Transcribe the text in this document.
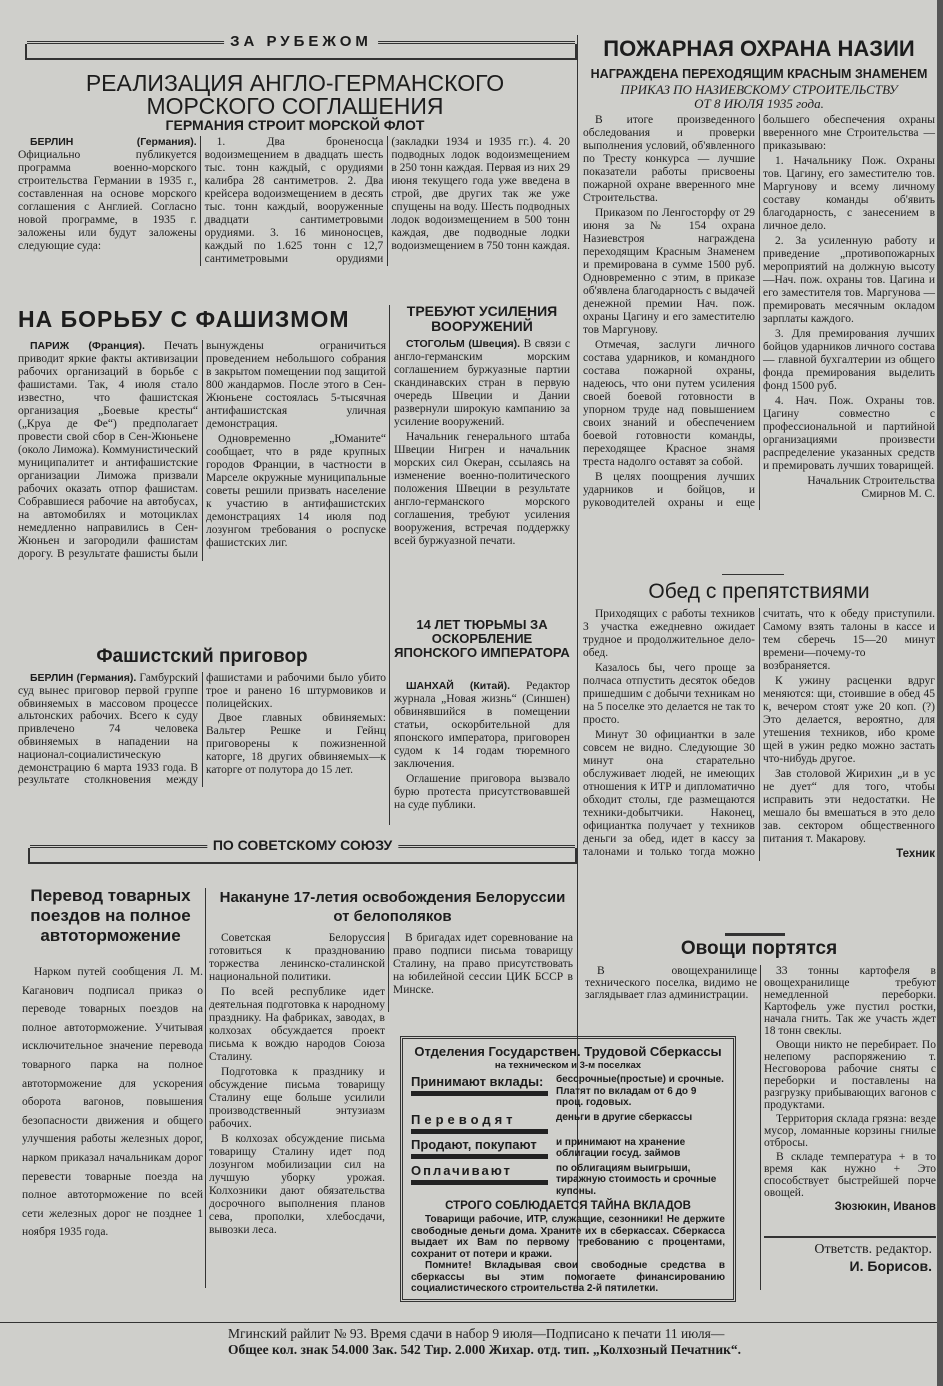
ЗА РУБЕЖОМ
РЕАЛИЗАЦИЯ АНГЛО-ГЕРМАНСКОГО
МОРСКОГО СОГЛАШЕНИЯ
ГЕРМАНИЯ СТРОИТ МОРСКОЙ ФЛОТ

БЕРЛИН (Германия). Официально публикуется программа военно-морского строительства Германии в 1935 г., составленная на основе морского соглашения с Англией. Согласно новой программе, в 1935 г. заложены или будут заложены следующие суда:

1. Два броненосца водоизмещением в двадцать шесть тыс. тонн каждый, с орудиями калибра 28 сантиметров. 2. Два крейсера водоизмещением в десять тыс. тонн каждый, вооруженные двадцати сантиметровыми орудиями. 3. 16 миноносцев, каждый по 1.625 тонн с 12,7 сантиметровыми орудиями (закладки 1934 и 1935 гг.). 4. 20 подводных лодок водоизмещением в 250 тонн каждая. Первая из них 29 июня текущего года уже введена в строй, две других так же уже спущены на воду. Шесть подводных лодок водоизмещением в 500 тонн каждая, две подводные лодки водоизмещением в 750 тонн каждая.

НА БОРЬБУ С ФАШИЗМОМ

ПАРИЖ (Франция). Печать приводит яркие факты активизации рабочих организаций в борьбе с фашистами. Так, 4 июля стало известно, что фашистская организация „Боевые кресты“ („Круа де Фе“) предполагает провести свой сбор в Сен-Жюньене (около Лиможа). Коммунистический муниципалитет и антифашистские организации Лиможа призвали рабочих оказать отпор фашистам. Собравшиеся рабочие на автобусах, на автомобилях и мотоциклах немедленно направились в Сен-Жюньен и загородили фашистам дорогу. В результате фашисты были вынуждены ограничиться проведением небольшого собрания в закрытом помещении под защитой 800 жандармов. После этого в Сен-Жюньене состоялась 5-тысячная антифашистская уличная демонстрация.

Одновременно „Юманите“ сообщает, что в ряде крупных городов Франции, в частности в Марселе окружные муниципальные советы решили призвать население к участию в антифашистских демонстрациях 14 июля под лозунгом требования о роспуске фашистских лиг.

ТРЕБУЮТ УСИЛЕНИЯ ВООРУЖЕНИЙ

СТОГОЛЬМ (Швеция). В связи с англо-германским морским соглашением буржуазные партии скандинавских стран в первую очередь Швеции и Дании развернули широкую кампанию за усиление вооружений.

Начальник генерального штаба Швеции Нигрен и начальник морских сил Океран, ссылаясь на изменение военно-политического положения Швеции в результате англо-германского морского соглашения, требуют усиления вооружения, встречая поддержку всей буржуазной печати.

14 ЛЕТ ТЮРЬМЫ ЗА ОСКОРБЛЕНИЕ ЯПОНСКОГО ИМПЕРАТОРА

ШАНХАЙ (Китай). Редактор журнала „Новая жизнь“ (Синшен) обвинявшийся в помещении статьи, оскорбительной для японского императора, приговорен судом к 14 годам тюремного заключения.

Оглашение приговора вызвало бурю протеста присутствовавшей на суде публики.

Фашистский приговор

БЕРЛИН (Германия). Гамбурский суд вынес приговор первой группе обвиняемых в массовом процессе альтонских рабочих. Всего к суду привлечено 74 человека обвиняемых в нападении на национал-социалистическую демонстрацию 6 марта 1933 года. В результате столкновения между фашистами и рабочими было убито трое и ранено 16 штурмовиков и полицейских.

Двое главных обвиняемых: Вальтер Решке и Гейнц приговорены к пожизненной каторге, 18 других обвиняемых—к каторге от полутора до 15 лет.

ПО СОВЕТСКОМУ СОЮЗУ
Перевод товарных поездов на полное автоторможение

Нарком путей сообщения Л. М. Каганович подписал приказ о переводе товарных поездов на полное автоторможение. Учитывая исключительное значение перевода товарного парка на полное автоторможение для ускорения оборота вагонов, повышения безопасности движения и общего улучшения работы железных дорог, нарком приказал начальникам дорог перевести товарные поезда на полное автоторможение по всей сети железных дорог не позднее 1 ноября 1935 года.

Накануне 17-летия освобождения Белоруссии
от белополяков

Советская Белоруссия готовиться к празднованию торжества ленинско-сталинской национальной политики.

По всей республике идет деятельная подготовка к народному празднику. На фабриках, заводах, в колхозах обсуждается проект письма к вождю народов Союза Сталину.

Подготовка к празднику и обсуждение письма товарищу Сталину еще больше усилили производственный энтузиазм рабочих.

В колхозах обсуждение письма товарищу Сталину идет под лозунгом мобилизации сил на лучшую уборку урожая. Колхозники дают обязательства досрочного выполнения планов сева, прополки, хлебосдачи, вывозки леса.

В бригадах идет соревнование на право подписи письма товарищу Сталину, на право присутствовать на юбилейной сессии ЦИК БССР в Минске.

Отделения Государствен. Трудовой Сберкассы
на техническом и 3-м поселках
Принимают вклады:	бессрочные(простые) и срочные. Платят по вкладам от 6 до 9 проц. годовых.
Переводят	деньги в другие сберкассы
Продают, покупают	и принимают на хранение облигации госуд. займов
Оплачивают	по облигациям выигрыши, тиражную стоимость и срочные купоны.
СТРОГО СОБЛЮДАЕТСЯ ТАЙНА ВКЛАДОВ

Товарищи рабочие, ИТР, служащие, сезонники! Не держите свободные деньги дома. Храните их в сберкассах. Сберкасса выдает их Вам по первому требованию с процентами, сохранит от потери и кражи.

Помните! Вкладывая свои свободные средства в сберкассы вы этим помогаете финансированию социалистического строительства 2-й пятилетки.

ПОЖАРНАЯ ОХРАНА НАЗИИ
НАГРАЖДЕНА ПЕРЕХОДЯЩИМ КРАСНЫМ ЗНАМЕНЕМ
ПРИКАЗ ПО НАЗИЕВСКОМУ СТРОИТЕЛЬСТВУ
ОТ 8 ИЮЛЯ 1935 года.

В итоге произведенного обследования и проверки выполнения условий, об'явленного по Тресту конкурса — лучшие показатели работы присвоены пожарной охране вверенного мне Строительства.

Приказом по Ленгосторфу от 29 июня за № 154 охрана Назиевстроя награждена переходящим Красным Знаменем и премирована в сумме 1500 руб. Одновременно с этим, в приказе об'явлена благодарность с выдачей денежной премии Нач. пож. охраны Цагину и его заместителю тов Маргунову.

Отмечая, заслуги личного состава ударников, и командного состава пожарной охраны, надеюсь, что они путем усиления своей боевой готовности в упорном труде над повышением своих знаний и обеспечением боевой готовности команды, переходящее Красное знамя треста надолго оставят за собой.

В целях поощрения лучших ударников и бойцов, и руководителей охраны и еще большего обеспечения охраны вверенного мне Строительства — приказываю:

1. Начальнику Пож. Охраны тов. Цагину, его заместителю тов. Маргунову и всему личному составу команды об'явить благодарность, с занесением в личное дело.

2. За усиленную работу и приведение „противопожарных мероприятий на должную высоту—Нач. пож. охраны тов. Цагина и его заместителя тов. Маргунова — премировать месячным окладом зарплаты каждого.

3. Для премирования лучших бойцов ударников личного состава — главной бухгалтерии из общего фонда премирования выделить фонд 1500 руб.

4. Нач. Пож. Охраны тов. Цагину совместно с профессиональной и партийной организациями произвести распределение указанных средств и премировать лучших товарищей.

Начальник Строительства Смирнов М. С.

Обед с препятствиями

Приходящих с работы техников 3 участка ежедневно ожидает трудное и продолжительное дело-обед.

Казалось бы, чего проще за полчаса отпустить десяток обедов пришедшим с добычи техникам но на 5 поселке это делается не так то просто.

Минут 30 официантки в зале совсем не видно. Следующие 30 минут она старательно обслуживает людей, не имеющих отношения к ИТР и дипломатично обходит столы, где размещаются техники-добытчики. Наконец, официантка получает у техников деньги за обед, идет в кассу за талонами и только тогда можно считать, что к обеду приступили. Самому взять талоны в кассе и тем сберечь 15—20 минут времени—почему-то возбраняется.

К ужину расценки вдруг меняются: щи, стоившие в обед 45 к, вечером стоят уже 20 коп. (?) Это делается, вероятно, для утешения техников, ибо кроме щей в ужин редко можно застать что-нибудь другое.

Зав столовой Жирихин „и в ус не дует“ для того, чтобы исправить эти недостатки. Не мешало бы вмешаться в это дело зав. сектором общественного питания т. Макарову.

Техник

Овощи портятся

В овощехранилище технического поселка, видимо не заглядывает глаз администрации.

33 тонны картофеля в овощехранилище требуют немедленной переборки. Картофель уже пустил ростки, начала гнить. Так же участь ждет 18 тонн свеклы.

Овощи никто не перебирает. По нелепому распоряжению т. Несговорова рабочие сняты с переборки и поставлены на разгрузку прибывающих вагонов с продуктами.

Территория склада грязна: везде мусор, ломанные корзины гнилые отбросы.

В складе температура + в то время как нужно + Это способствует быстрейшей порче овощей.

Зюзюкин, Иванов

Ответств. редактор.
И. Борисов.
Мгинский райлит № 93. Время сдачи в набор 9 июля—Подписано к печати 11 июля—
Общее кол. знак 54.000 Зак. 542 Тир. 2.000 Жихар. отд. тип. „Колхозный Печатник“.
